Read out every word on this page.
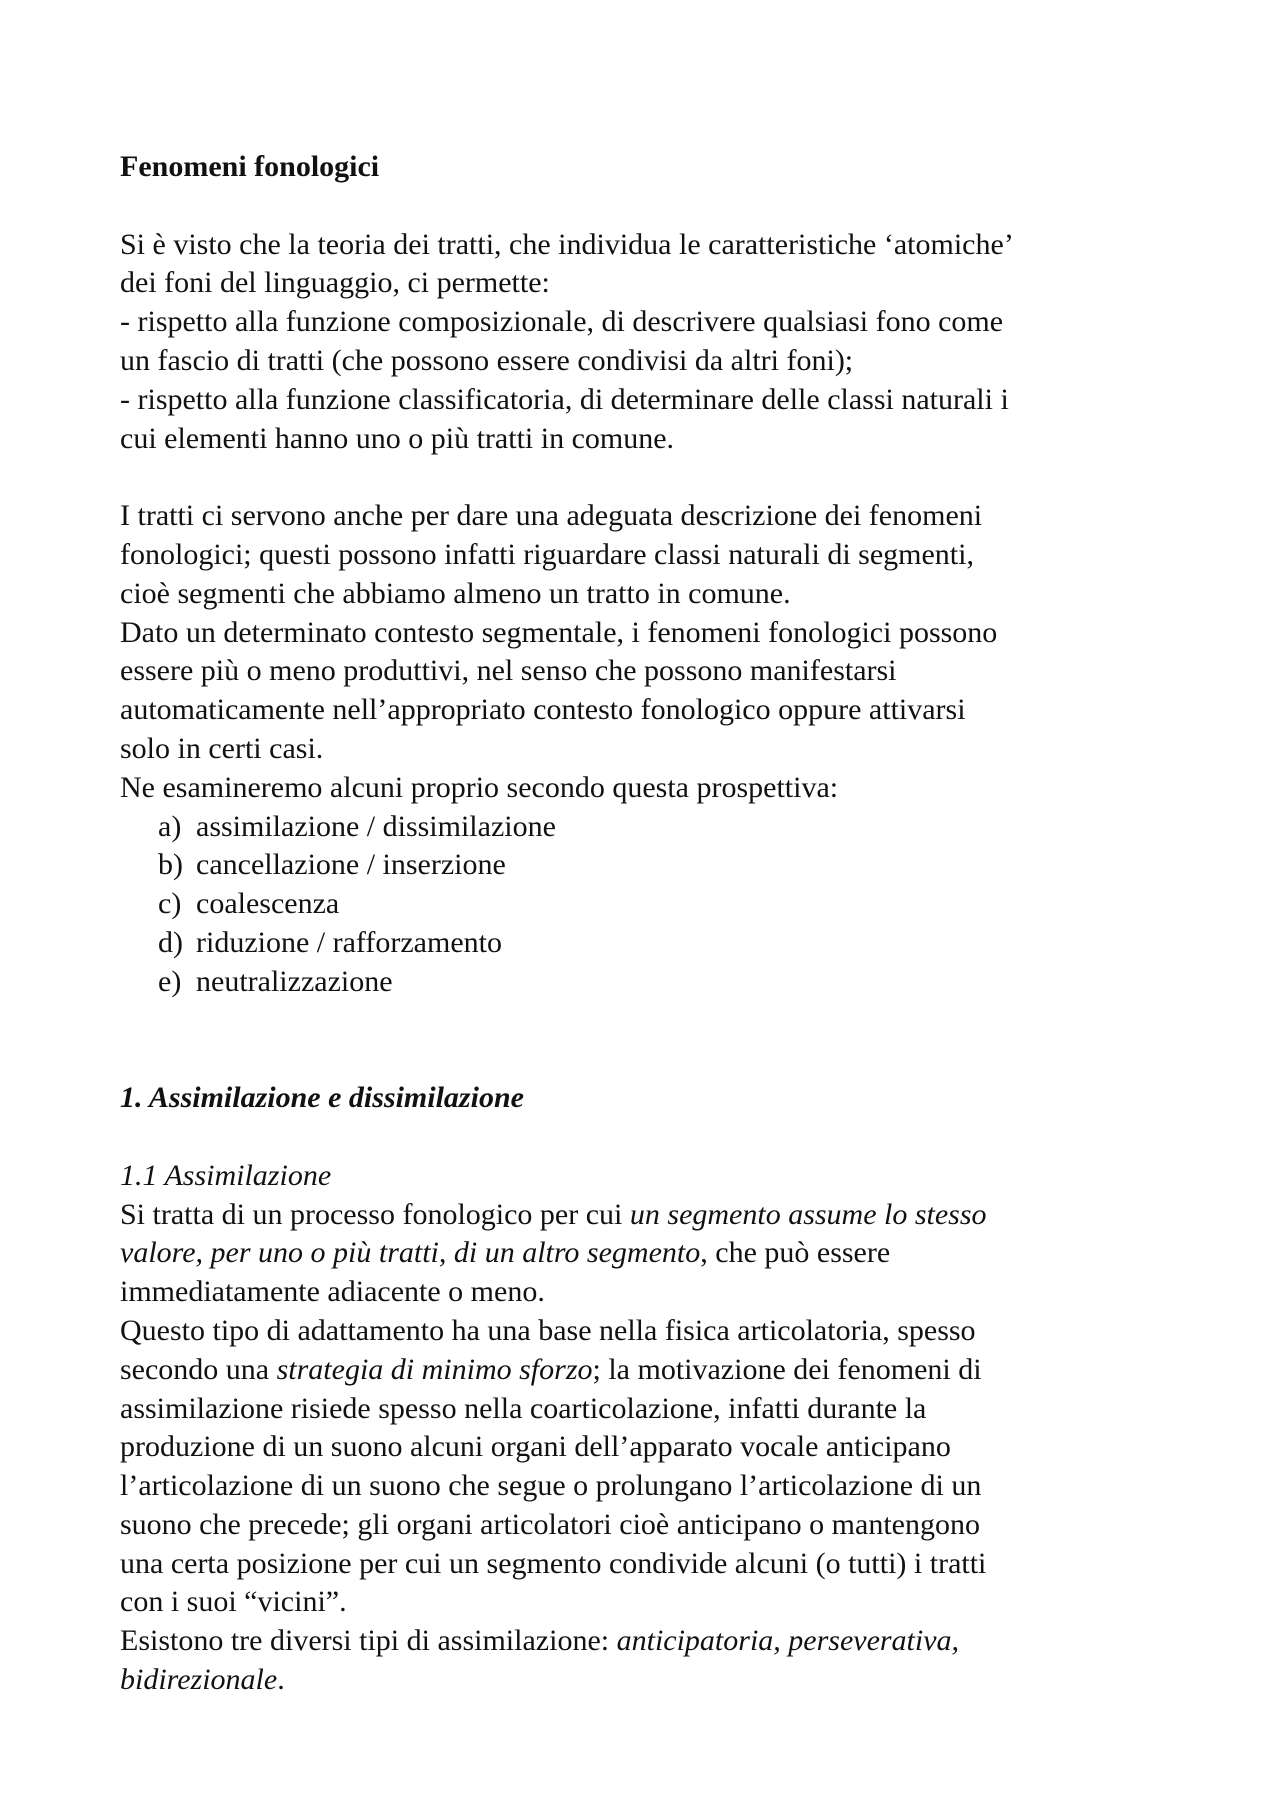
Fenomeni fonologici
Si è visto che la teoria dei tratti, che individua le caratteristiche ‘atomiche’
dei foni del linguaggio, ci permette:
- rispetto alla funzione composizionale, di descrivere qualsiasi fono come
un fascio di tratti (che possono essere condivisi da altri foni);
- rispetto alla funzione classificatoria, di determinare delle classi naturali i
cui elementi hanno uno o più tratti in comune.
I tratti ci servono anche per dare una adeguata descrizione dei fenomeni
fonologici; questi possono infatti riguardare classi naturali di segmenti,
cioè segmenti che abbiamo almeno un tratto in comune.
Dato un determinato contesto segmentale, i fenomeni fonologici possono
essere più o meno produttivi, nel senso che possono manifestarsi
automaticamente nell’appropriato contesto fonologico oppure attivarsi
solo in certi casi.
Ne esamineremo alcuni proprio secondo questa prospettiva:
a) assimilazione / dissimilazione
b) cancellazione / inserzione
c) coalescenza
d) riduzione / rafforzamento
e) neutralizzazione
1. Assimilazione e dissimilazione
1.1 Assimilazione
Si tratta di un processo fonologico per cui un segmento assume lo stesso
valore, per uno o più tratti, di un altro segmento, che può essere
immediatamente adiacente o meno.
Questo tipo di adattamento ha una base nella fisica articolatoria, spesso
secondo una strategia di minimo sforzo; la motivazione dei fenomeni di
assimilazione risiede spesso nella coarticolazione, infatti durante la
produzione di un suono alcuni organi dell’apparato vocale anticipano
l’articolazione di un suono che segue o prolungano l’articolazione di un
suono che precede; gli organi articolatori cioè anticipano o mantengono
una certa posizione per cui un segmento condivide alcuni (o tutti) i tratti
con i suoi “vicini”.
Esistono tre diversi tipi di assimilazione: anticipatoria, perseverativa,
bidirezionale.
